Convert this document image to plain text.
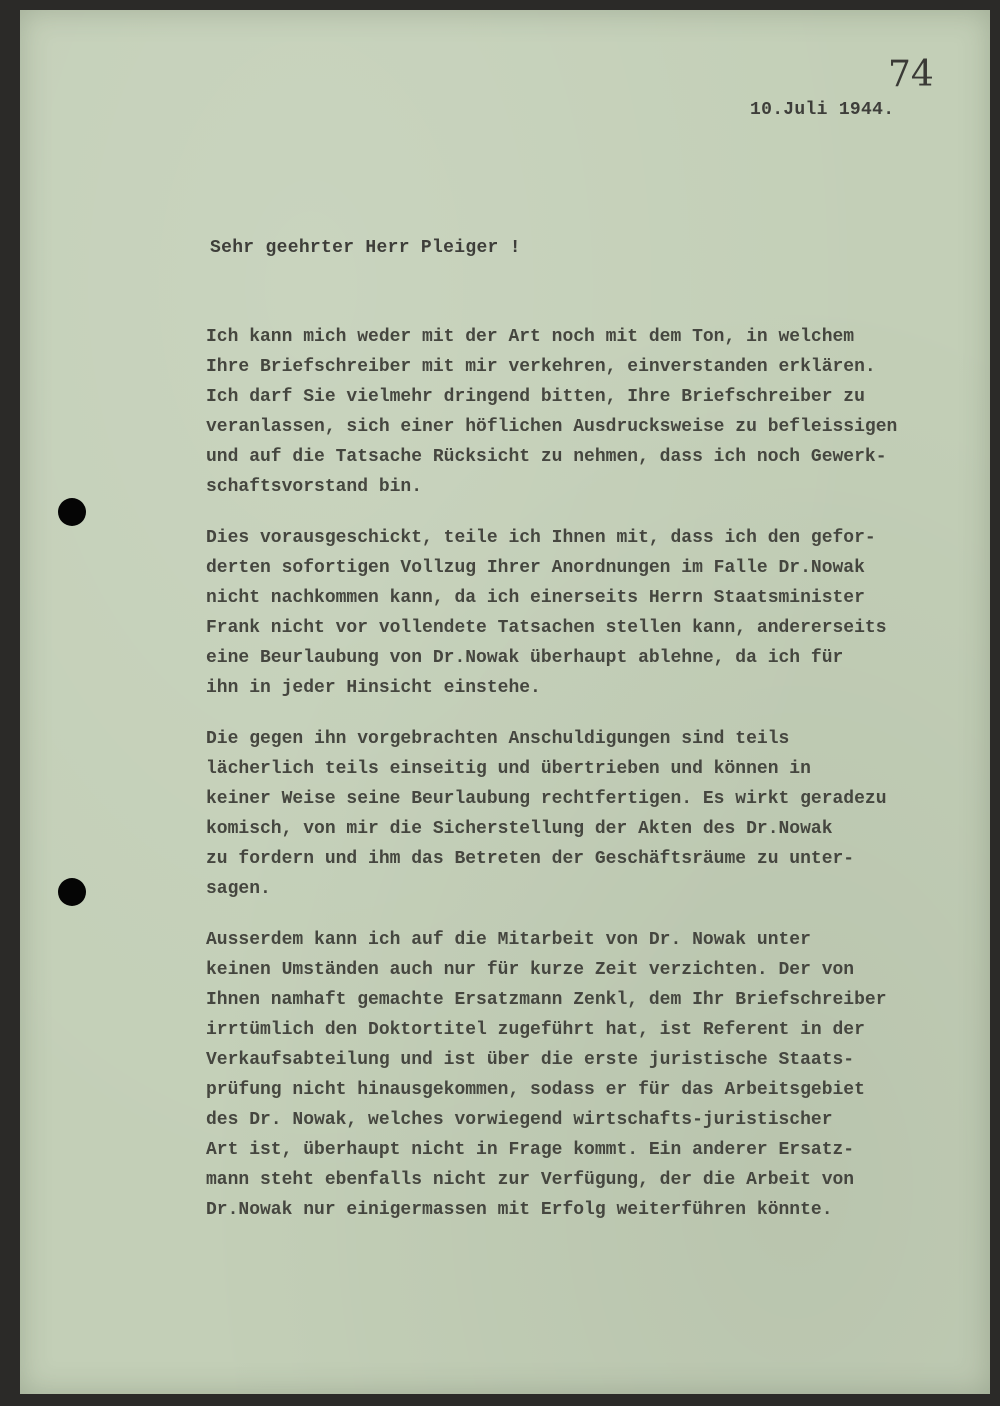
74

10.Juli 1944.

Sehr geehrter Herr Pleiger !

Ich kann mich weder mit der Art noch mit dem Ton, in welchem
Ihre Briefschreiber mit mir verkehren, einverstanden erklären.
Ich darf Sie vielmehr dringend bitten, Ihre Briefschreiber zu
veranlassen, sich einer höflichen Ausdrucksweise zu befleissigen
und auf die Tatsache Rücksicht zu nehmen, dass ich noch Gewerk-
schaftsvorstand bin.
Dies vorausgeschickt, teile ich Ihnen mit, dass ich den gefor-
derten sofortigen Vollzug Ihrer Anordnungen im Falle Dr.Nowak
nicht nachkommen kann, da ich einerseits Herrn Staatsminister
Frank nicht vor vollendete Tatsachen stellen kann, andererseits
eine Beurlaubung von Dr.Nowak überhaupt ablehne, da ich für
ihn in jeder Hinsicht einstehe.
Die gegen ihn vorgebrachten Anschuldigungen sind teils
lächerlich teils einseitig und übertrieben und können in
keiner Weise seine Beurlaubung rechtfertigen. Es wirkt geradezu
komisch, von mir die Sicherstellung der Akten des Dr.Nowak
zu fordern und ihm das Betreten der Geschäftsräume zu unter-
sagen.
Ausserdem kann ich auf die Mitarbeit von Dr. Nowak unter
keinen Umständen auch nur für kurze Zeit verzichten. Der von
Ihnen namhaft gemachte Ersatzmann Zenkl, dem Ihr Briefschreiber
irrtümlich den Doktortitel zugeführt hat, ist Referent in der
Verkaufsabteilung und ist über die erste juristische Staats-
prüfung nicht hinausgekommen, sodass er für das Arbeitsgebiet
des Dr. Nowak, welches vorwiegend wirtschafts-juristischer
Art ist, überhaupt nicht in Frage kommt. Ein anderer Ersatz-
mann steht ebenfalls nicht zur Verfügung, der die Arbeit von
Dr.Nowak nur einigermassen mit Erfolg weiterführen könnte.
